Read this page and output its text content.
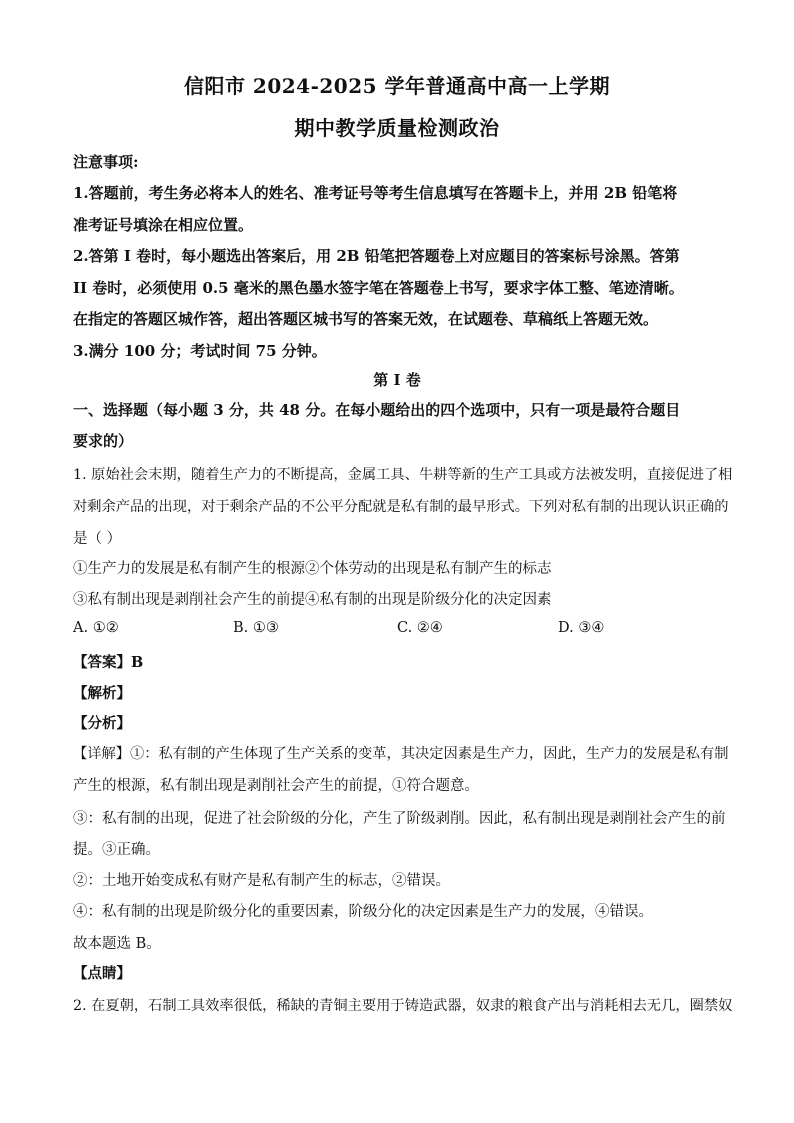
信阳市 2024-2025 学年普通高中高一上学期
期中教学质量检测政治
注意事项:
1.答题前，考生务必将本人的姓名、准考证号等考生信息填写在答题卡上，并用 2B 铅笔将
准考证号填涂在相应位置。
2.答第 I 卷时，每小题选出答案后，用 2B 铅笔把答题卷上对应题目的答案标号涂黑。答第
II 卷时，必须使用 0.5 毫米的黑色墨水签字笔在答题卷上书写，要求字体工整、笔迹清晰。
在指定的答题区城作答，超出答题区城书写的答案无效，在试题卷、草稿纸上答题无效。
3.满分 100 分；考试时间 75 分钟。
第 I 卷
一、选择题（每小题 3 分，共 48 分。在每小题给出的四个选项中，只有一项是最符合题目
要求的）
1. 原始社会末期，随着生产力的不断提高，金属工具、牛耕等新的生产工具或方法被发明，直接促进了相
对剩余产品的出现，对于剩余产品的不公平分配就是私有制的最早形式。下列对私有制的出现认识正确的
是（ ）
①生产力的发展是私有制产生的根源②个体劳动的出现是私有制产生的标志
③私有制出现是剥削社会产生的前提④私有制的出现是阶级分化的决定因素
A. ①②	B. ①③	C. ②④	D. ③④
【答案】B
【解析】
【分析】
【详解】①：私有制的产生体现了生产关系的变革，其决定因素是生产力，因此，生产力的发展是私有制
产生的根源，私有制出现是剥削社会产生的前提，①符合题意。
③：私有制的出现，促进了社会阶级的分化，产生了阶级剥削。因此，私有制出现是剥削社会产生的前
提。③正确。
②：土地开始变成私有财产是私有制产生的标志，②错误。
④：私有制的出现是阶级分化的重要因素，阶级分化的决定因素是生产力的发展，④错误。
故本题选 B。
【点睛】
2. 在夏朝，石制工具效率很低，稀缺的青铜主要用于铸造武器，奴隶的粮食产出与消耗相去无几，圈禁奴
